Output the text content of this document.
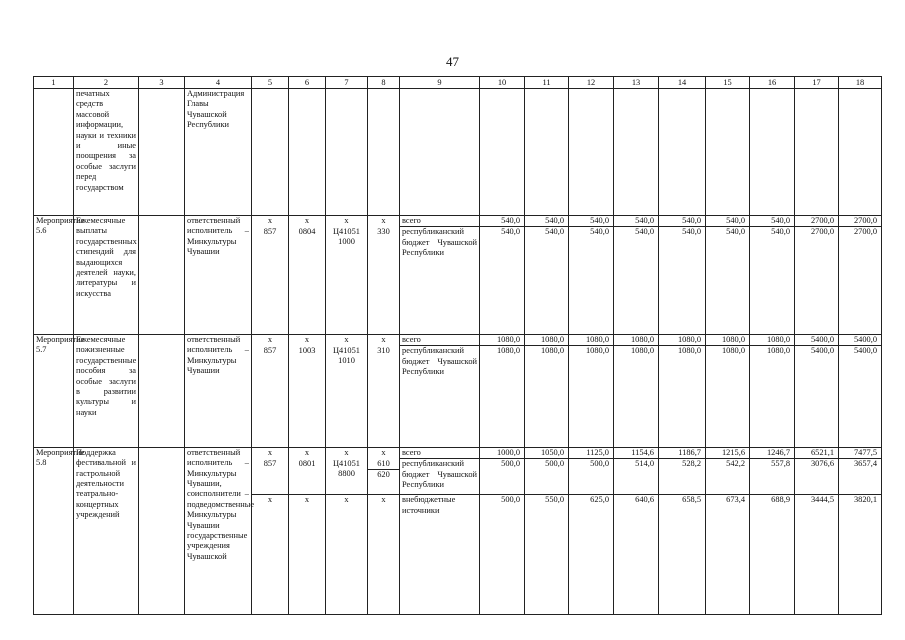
47
1	2	3	4	5	6	7	8	9	10	11	12	13	14	15	16	17	18
	печатных средств массовой информации, науки и техники и иные поощрения за особые заслуги перед государством		Администрация Главы Чувашской Республики														
Мероприятие 5.6	Ежемесячные выплаты государственных стипендий для выдающихся деятелей науки, литературы и искусства		ответственный исполнитель – Минкультуры Чувашии	x	x	x	x	всего	540,0	540,0	540,0	540,0	540,0	540,0	540,0	2700,0	2700,0
				857	0804	Ц41051 1000	330	республиканский бюджет Чувашской Республики	540,0	540,0	540,0	540,0	540,0	540,0	540,0	2700,0	2700,0
Мероприятие 5.7	Ежемесячные пожизненные государственные пособия за особые заслуги в развитии культуры и науки		ответственный исполнитель – Минкультуры Чувашии	x	x	x	x	всего	1080,0	1080,0	1080,0	1080,0	1080,0	1080,0	1080,0	5400,0	5400,0
				857	1003	Ц41051 1010	310	республиканский бюджет Чувашской Республики	1080,0	1080,0	1080,0	1080,0	1080,0	1080,0	1080,0	5400,0	5400,0
Мероприятие 5.8	Поддержка фестивальной и гастрольной деятельности театрально-концертных учреждений		ответственный исполнитель – Минкультуры Чувашии, соисполнители – подведомственные Минкультуры Чувашии государственные учреждения Чувашской	x	x	x	x	всего	1000,0	1050,0	1125,0	1154,6	1186,7	1215,6	1246,7	6521,1	7477,5
				857	0801	Ц41051 8800	610	республиканский бюджет Чувашской Республики	500,0	500,0	500,0	514,0	528,2	542,2	557,8	3076,6	3657,4
							620										
				x	x	x	x	внебюджетные источники	500,0	550,0	625,0	640,6	658,5	673,4	688,9	3444,5	3820,1
